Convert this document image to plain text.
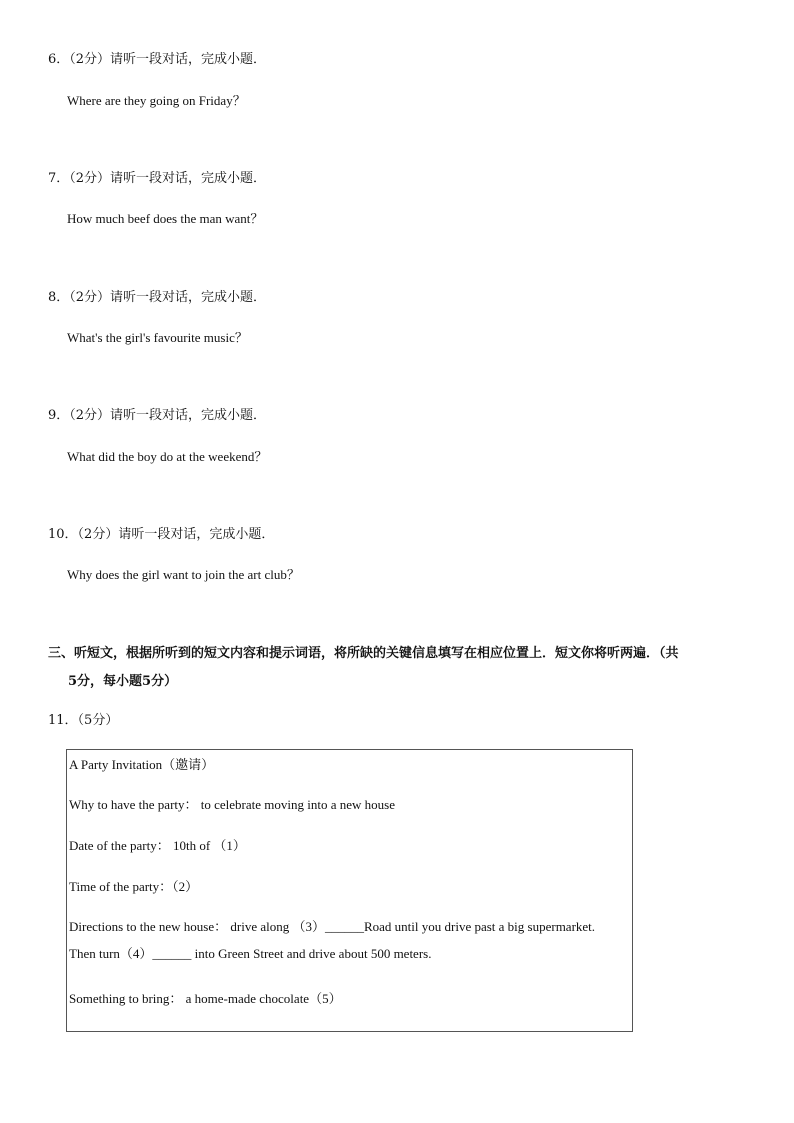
6．（2分）请听一段对话，完成小题．
Where are they going on Friday？
7．（2分）请听一段对话，完成小题．
How much beef does the man want？
8．（2分）请听一段对话，完成小题．
What's the girl's favourite music？
9．（2分）请听一段对话，完成小题．
What did the boy do at the weekend？
10．（2分）请听一段对话，完成小题．
Why does the girl want to join the art club？
三、听短文，根据所听到的短文内容和提示词语，将所缺的关键信息填写在相应位置上．短文你将听两遍．（共
5分，每小题5分）
11．（5分）
A Party Invitation（邀请）
Why to have the party： to celebrate moving into a new house
Date of the party： 10th of （1）
Time of the party：（2）
Directions to the new house： drive along （3）______Road until you drive past a big supermarket.
Then turn（4）______ into Green Street and drive about 500 meters.
Something to bring： a home-made chocolate（5）
